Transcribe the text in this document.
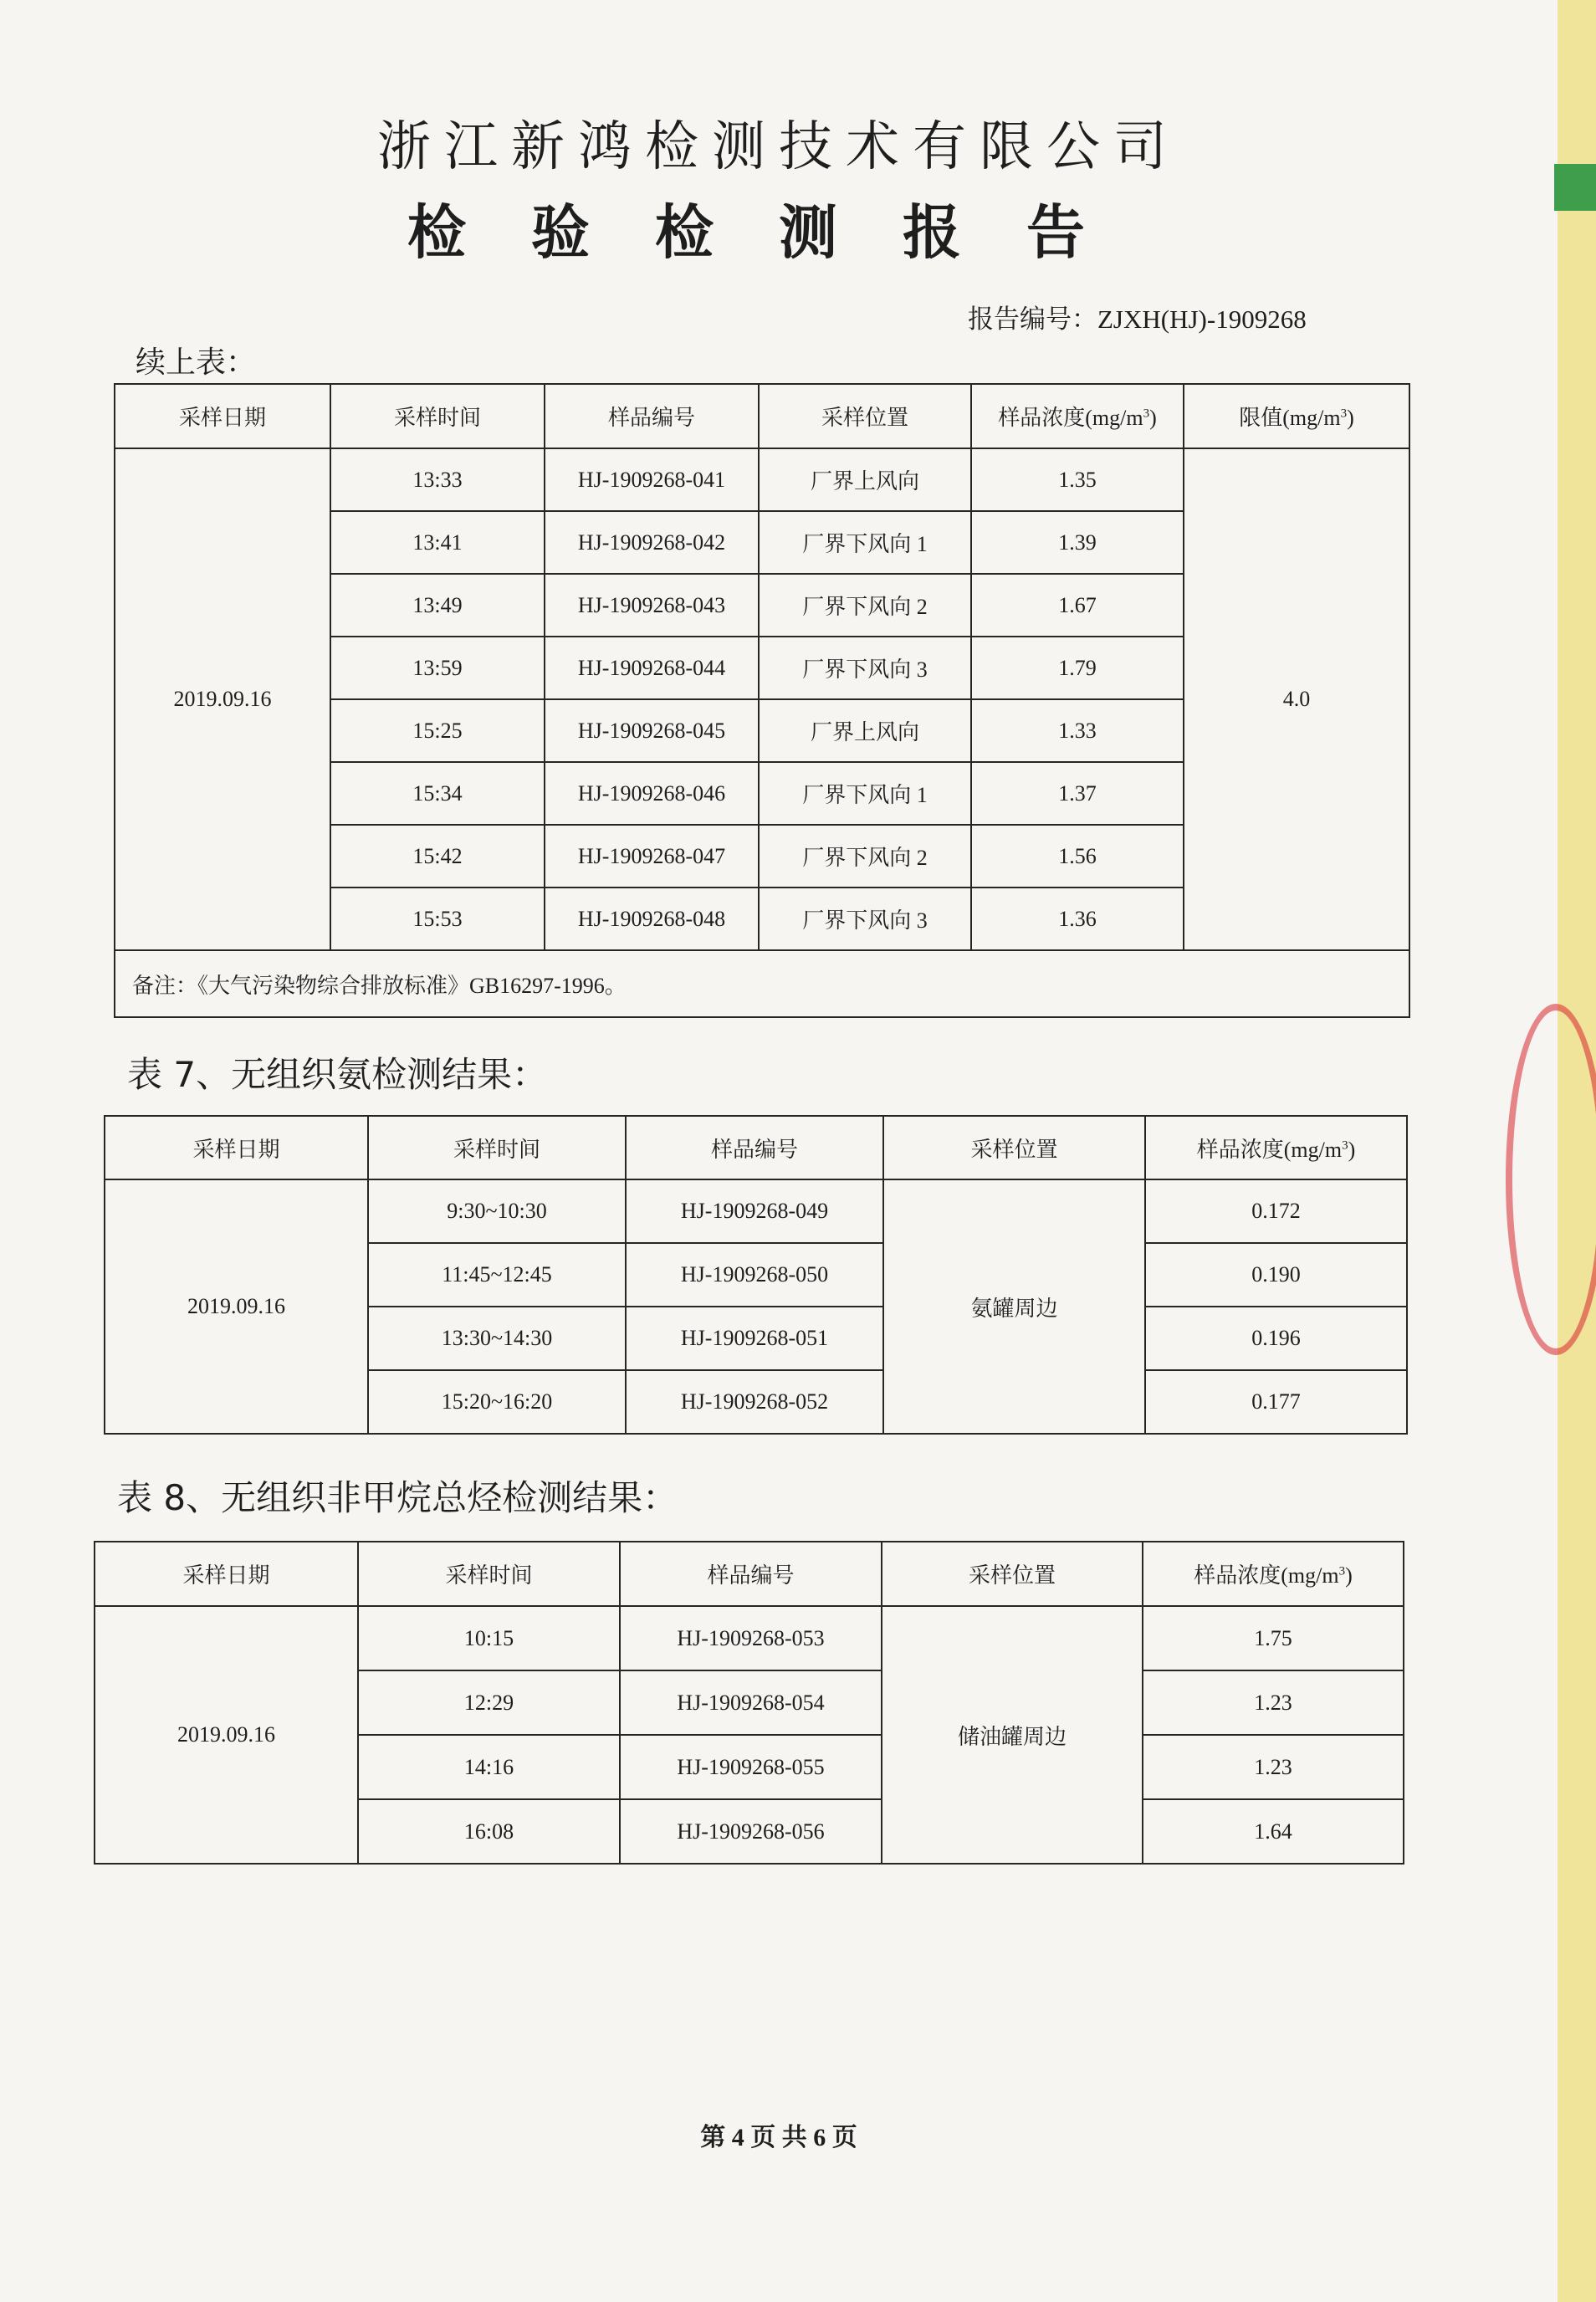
浙江新鸿检测技术有限公司
检验检测报告
报告编号：ZJXH(HJ)-1909268
续上表：
采样日期	采样时间	样品编号	采样位置	样品浓度$(mg/m^3)$	限值$(mg/m^3)$
2019.09.16	13:33	HJ-1909268-041	厂界上风向	1.35	4.0
	13:41	HJ-1909268-042	厂界下风向 1	1.39	
	13:49	HJ-1909268-043	厂界下风向 2	1.67	
	13:59	HJ-1909268-044	厂界下风向 3	1.79	
	15:25	HJ-1909268-045	厂界上风向	1.33	
	15:34	HJ-1909268-046	厂界下风向 1	1.37	
	15:42	HJ-1909268-047	厂界下风向 2	1.56	
	15:53	HJ-1909268-048	厂界下风向 3	1.36	
备注：《大气污染物综合排放标准》GB16297-1996。					
表 7、无组织氨检测结果：
采样日期	采样时间	样品编号	采样位置	样品浓度$(mg/m^3)$
2019.09.16	9:30~10:30	HJ-1909268-049	氨罐周边	0.172
	11:45~12:45	HJ-1909268-050		0.190
	13:30~14:30	HJ-1909268-051		0.196
	15:20~16:20	HJ-1909268-052		0.177
表 8、无组织非甲烷总烃检测结果：
采样日期	采样时间	样品编号	采样位置	样品浓度$(mg/m^3)$
2019.09.16	10:15	HJ-1909268-053	储油罐周边	1.75
	12:29	HJ-1909268-054		1.23
	14:16	HJ-1909268-055		1.23
	16:08	HJ-1909268-056		1.64
第 4 页 共 6 页
